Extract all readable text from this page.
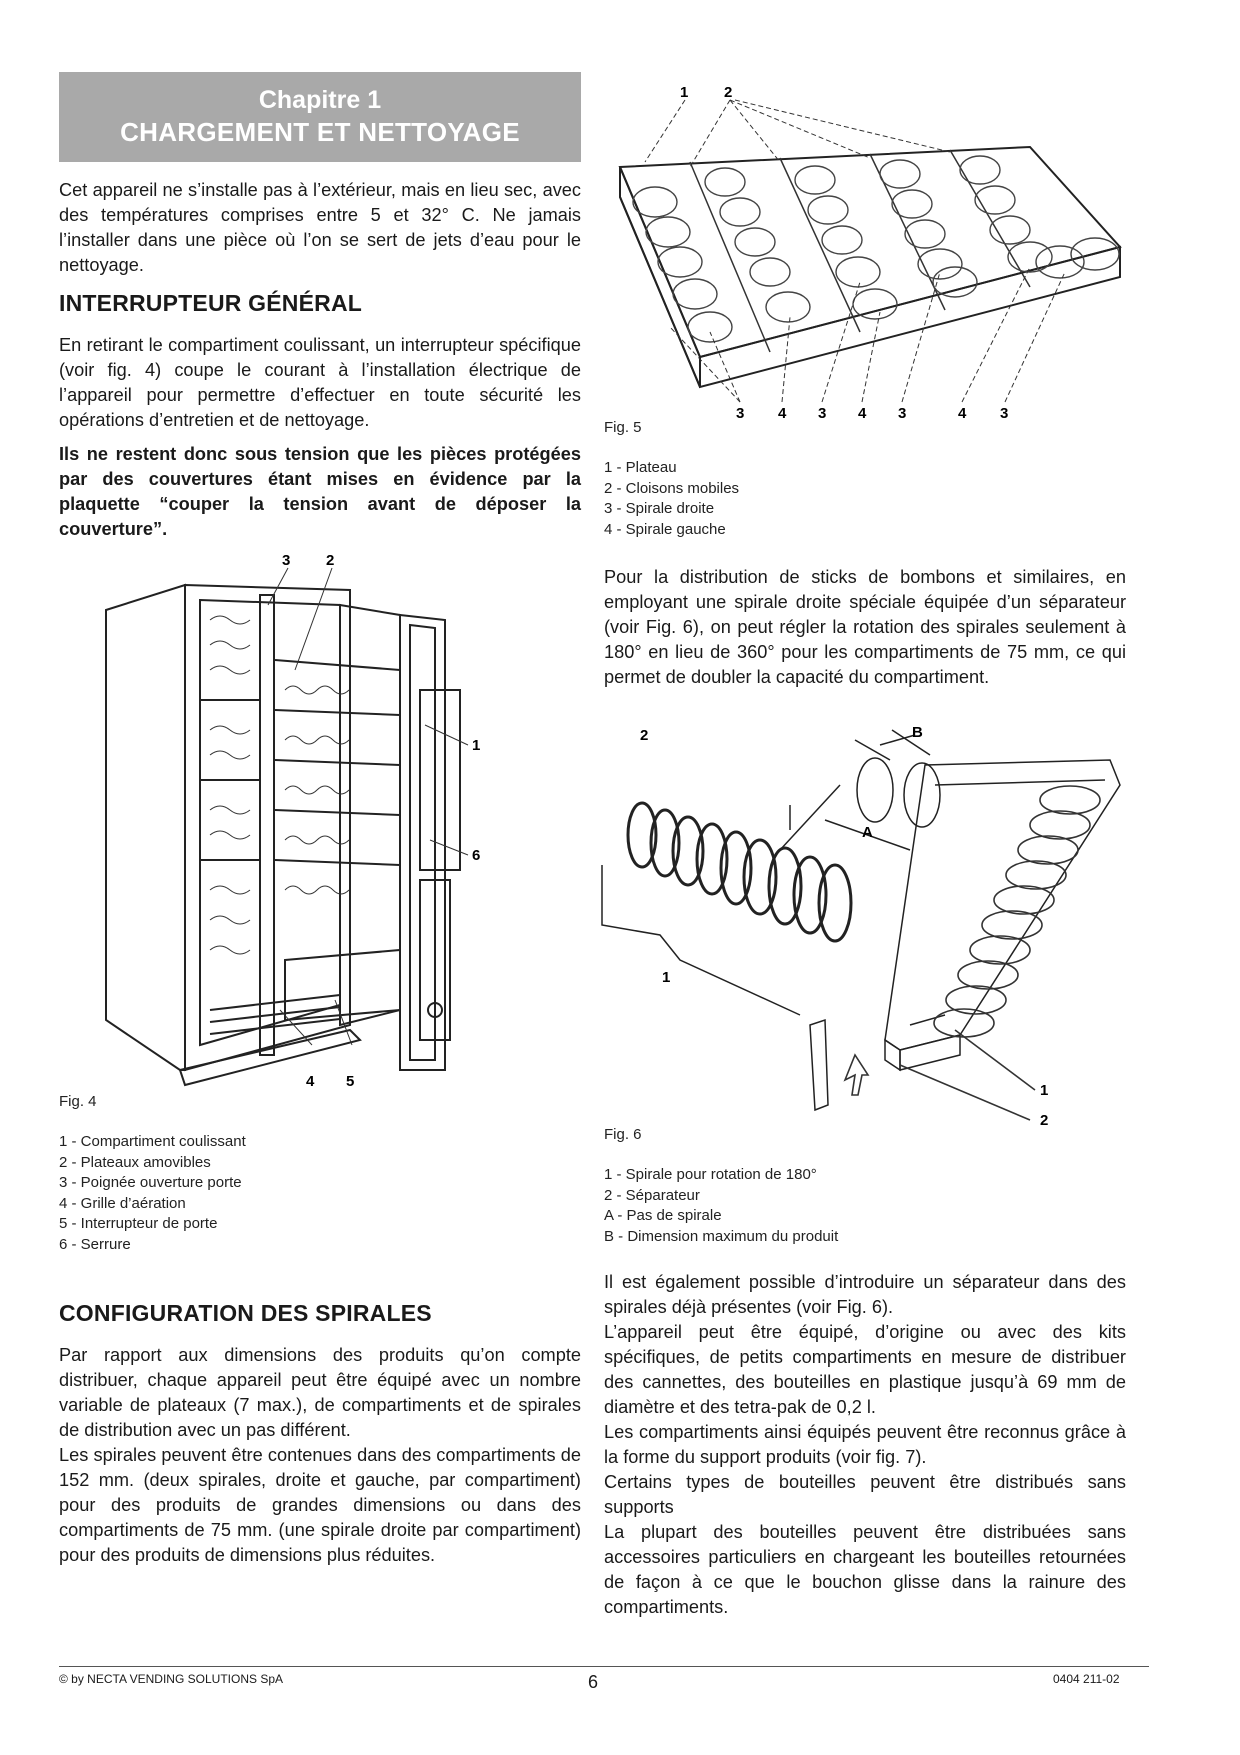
Chapitre 1
CHARGEMENT ET NETTOYAGE

Cet appareil ne s’installe pas à l’extérieur, mais en lieu sec, avec des températures comprises entre 5 et 32° C. Ne jamais l’installer dans une pièce où l’on se sert de jets d’eau pour le nettoyage.

INTERRUPTEUR GÉNÉRAL

En retirant le compartiment coulissant, un interrupteur spécifique (voir fig. 4) coupe le courant à l’installation électrique de l’appareil pour permettre d’effectuer en toute sécurité les opérations d’entretien et de nettoyage.

Ils ne restent donc sous tension que les pièces protégées par des couvertures étant mises en évidence par la plaquette “couper la tension avant de déposer la couverture”.

3 2
1
6
4 5
Fig. 4
1 - Compartiment coulissant
2 - Plateaux amovibles
3 - Poignée ouverture porte
4 - Grille d’aération
5 - Interrupteur de porte
6 - Serrure
CONFIGURATION DES SPIRALES

Par rapport aux dimensions des produits qu’on compte distribuer, chaque appareil peut être équipé avec un nombre variable de plateaux (7 max.), de compartiments et de spirales de distribution avec un pas différent.

Les spirales peuvent être contenues dans des compartiments de 152 mm. (deux spirales, droite et gauche, par compartiment) pour des produits de grandes dimensions ou dans des compartiments de 75 mm. (une spirale droite par compartiment) pour des produits de dimensions plus réduites.

1 2
3 4 3 4 3	4 3
Fig. 5
1 - Plateau
2 - Cloisons mobiles
3 - Spirale droite
4 - Spirale gauche

Pour la distribution de sticks de bombons et similaires, en employant une spirale droite spéciale équipée d’un séparateur (voir Fig. 6), on peut régler la rotation des spirales seulement à 180° en lieu de 360° pour les compartiments de 75 mm, ce qui permet de doubler la capacité du compartiment.

2	B
A
1
1
2
Fig. 6
1 - Spirale pour rotation de 180°
2 - Séparateur
A - Pas de spirale
B - Dimension maximum du produit

Il est également possible d’introduire un séparateur dans des spirales déjà présentes (voir Fig. 6).

L’appareil peut être équipé, d’origine ou avec des kits spécifiques, de petits compartiments en mesure de distribuer des cannettes, des bouteilles en plastique jusqu’à 69 mm de diamètre et des tetra-pak de 0,2 l.

Les compartiments ainsi équipés peuvent être reconnus grâce à la forme du support produits (voir fig. 7).

Certains types de bouteilles peuvent être distribués sans supports

La plupart des bouteilles peuvent être distribuées sans accessoires particuliers en chargeant les bouteilles retournées de façon à ce que le bouchon glisse dans la rainure des compartiments.

© by NECTA VENDING SOLUTIONS SpA	6	0404 211-02
